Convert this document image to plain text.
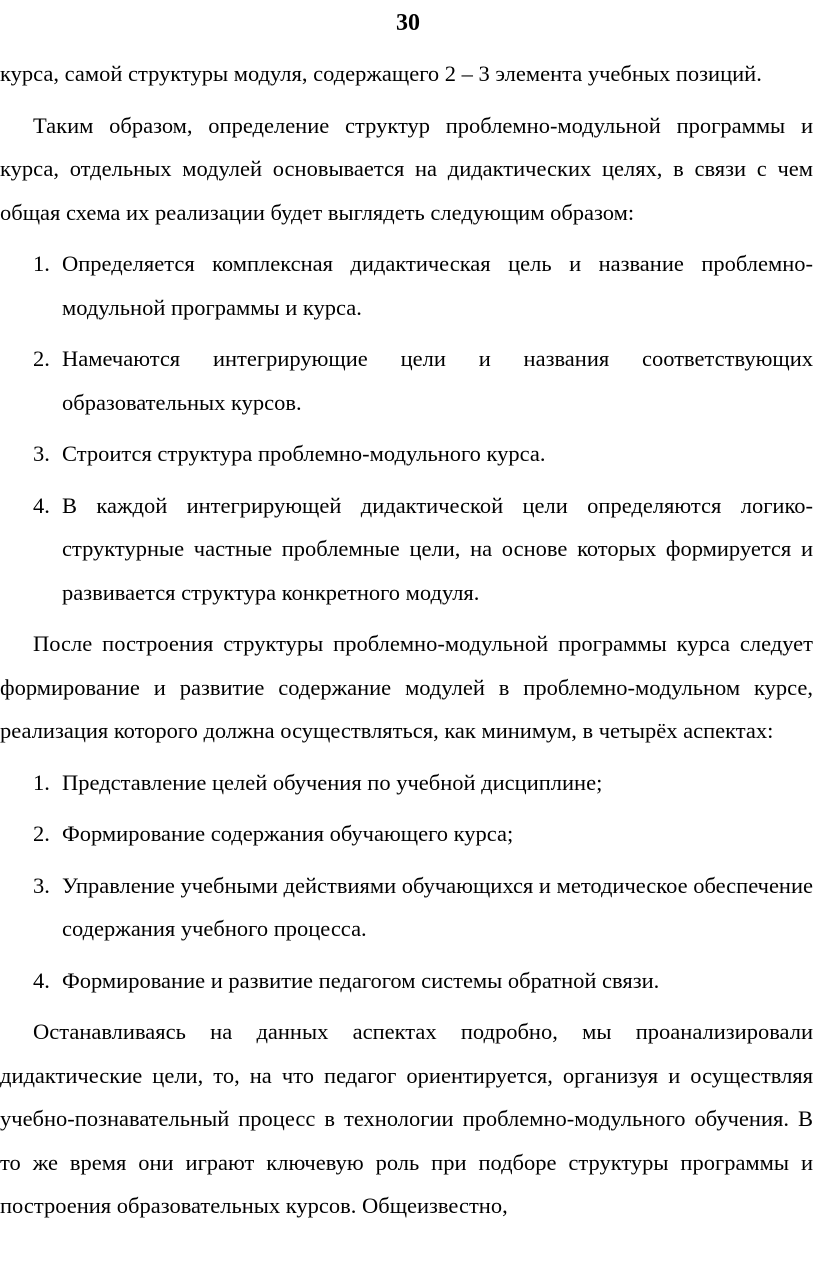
30

курса, самой структуры модуля, содержащего 2 – 3 элемента учебных позиций.

Таким образом, определение структур проблемно-модульной программы и курса, отдельных модулей основывается на дидактических целях, в связи с чем общая схема их реализации будет выглядеть следующим образом:

1. Определяется комплексная дидактическая цель и название проблемно-модульной программы и курса.
2. Намечаются интегрирующие цели и названия соответствующих образовательных курсов.
3. Строится структура проблемно-модульного курса.
4. В каждой интегрирующей дидактической цели определяются логико-структурные частные проблемные цели, на основе которых формируется и развивается структура конкретного модуля.

После построения структуры проблемно-модульной программы курса следует формирование и развитие содержание модулей в проблемно-модульном курсе, реализация которого должна осуществляться, как минимум, в четырёх аспектах:

1. Представление целей обучения по учебной дисциплине;
2. Формирование содержания обучающего курса;
3. Управление учебными действиями обучающихся и методическое обеспечение содержания учебного процесса.
4. Формирование и развитие педагогом системы обратной связи.

Останавливаясь на данных аспектах подробно, мы проанализировали дидактические цели, то, на что педагог ориентируется, организуя и осуществляя учебно-познавательный процесс в технологии проблемно-модульного обучения. В то же время они играют ключевую роль при подборе структуры программы и построения образовательных курсов. Общеизвестно,
